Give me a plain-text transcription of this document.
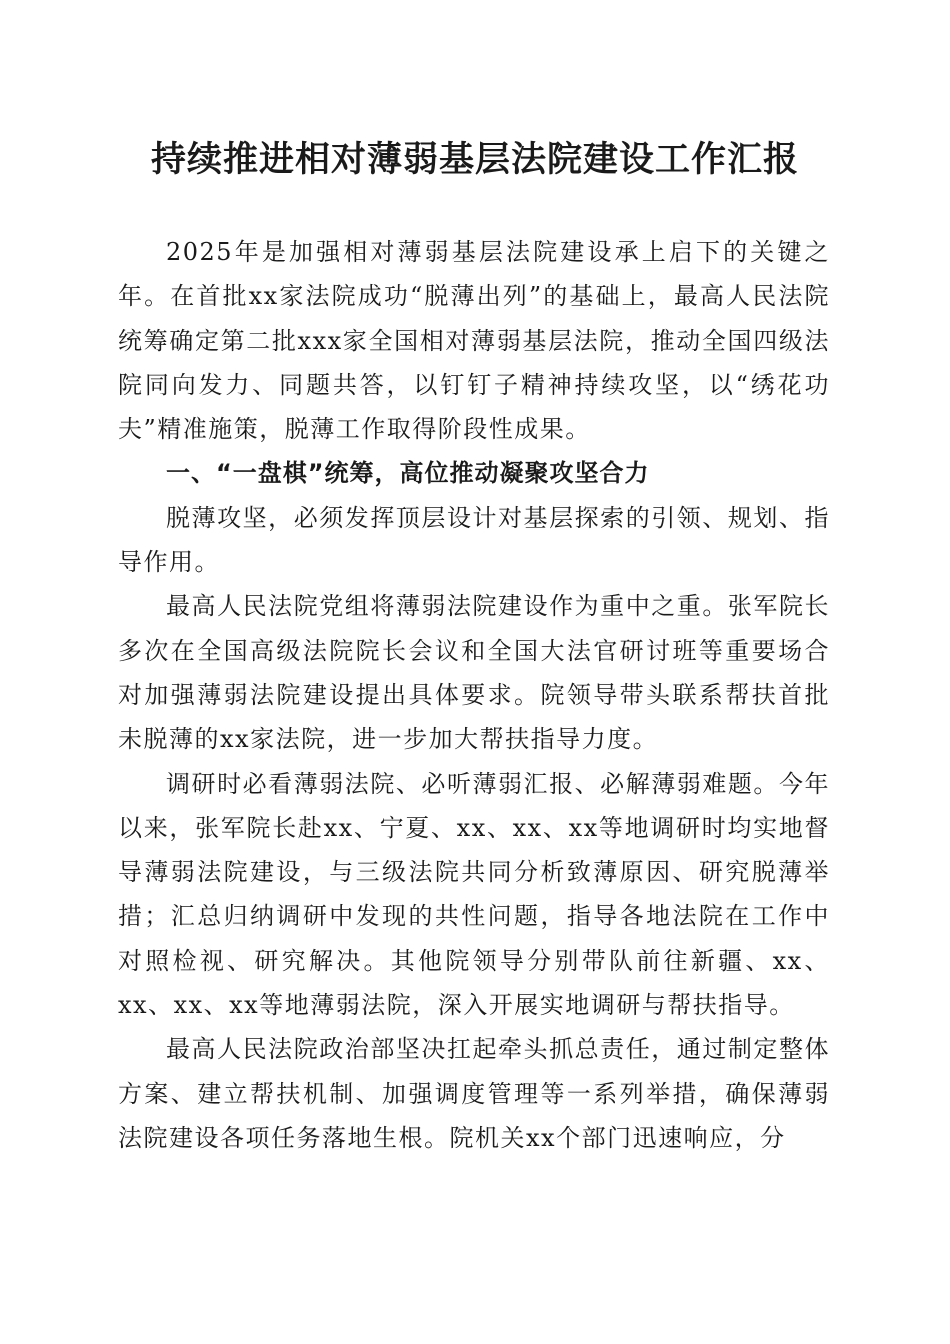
持续推进相对薄弱基层法院建设工作汇报

2025年是加强相对薄弱基层法院建设承上启下的关键之年。在首批xx家法院成功“脱薄出列”的基础上，最高人民法院统筹确定第二批xxx家全国相对薄弱基层法院，推动全国四级法院同向发力、同题共答，以钉钉子精神持续攻坚，以“绣花功夫”精准施策，脱薄工作取得阶段性成果。

一、“一盘棋”统筹，高位推动凝聚攻坚合力

脱薄攻坚，必须发挥顶层设计对基层探索的引领、规划、指导作用。

最高人民法院党组将薄弱法院建设作为重中之重。张军院长多次在全国高级法院院长会议和全国大法官研讨班等重要场合对加强薄弱法院建设提出具体要求。院领导带头联系帮扶首批未脱薄的xx家法院，进一步加大帮扶指导力度。

调研时必看薄弱法院、必听薄弱汇报、必解薄弱难题。今年以来，张军院长赴xx、宁夏、xx、xx、xx等地调研时均实地督导薄弱法院建设，与三级法院共同分析致薄原因、研究脱薄举措；汇总归纳调研中发现的共性问题，指导各地法院在工作中对照检视、研究解决。其他院领导分别带队前往新疆、xx、xx、xx、xx等地薄弱法院，深入开展实地调研与帮扶指导。

最高人民法院政治部坚决扛起牵头抓总责任，通过制定整体方案、建立帮扶机制、加强调度管理等一系列举措，确保薄弱法院建设各项任务落地生根。院机关xx个部门迅速响应，分
